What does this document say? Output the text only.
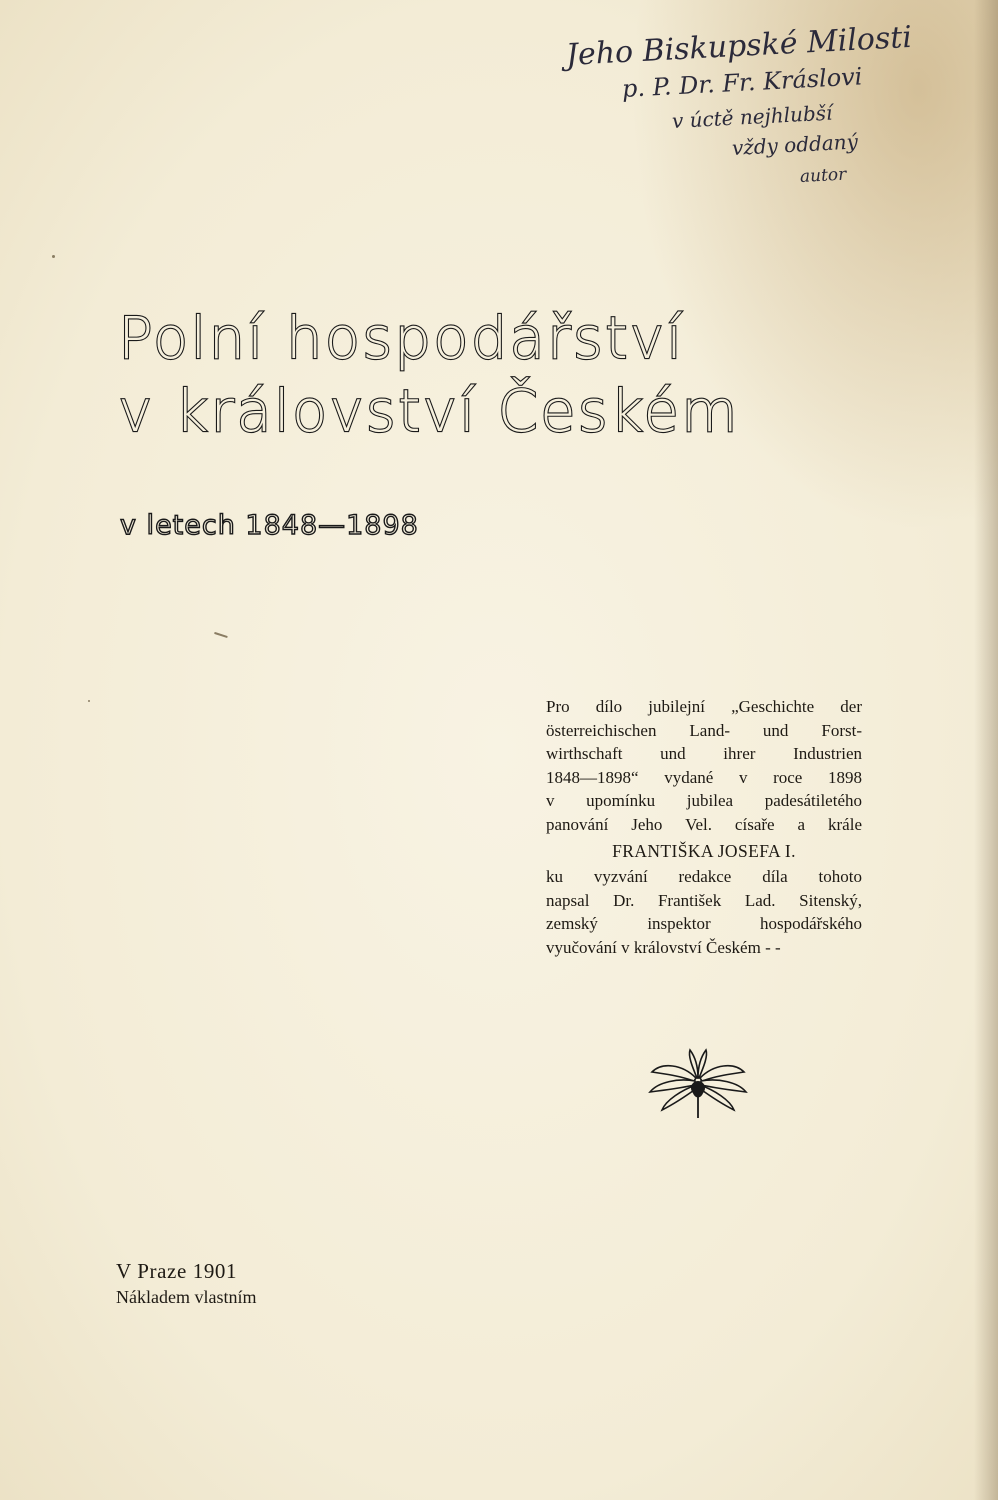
Jeho Biskupské Milosti
p. P. Dr. Fr. Kráslovi
v úctě nejhlubší
vždy oddaný
autor
Polní hospodářství
v království Českém
v letech 1848—1898
Pro dílo jubilejní „Geschichte der
österreichischen Land- und Forst-
wirthschaft und ihrer Industrien
1848—1898“ vydané v roce 1898
v upomínku jubilea padesátiletého
panování Jeho Vel. císaře a krále
FRANTIŠKA JOSEFA I.
ku vyzvání redakce díla tohoto
napsal Dr. František Lad. Sitenský,
zemský inspektor hospodářského
vyučování v království Českém - -
V Praze 1901
Nákladem vlastním
